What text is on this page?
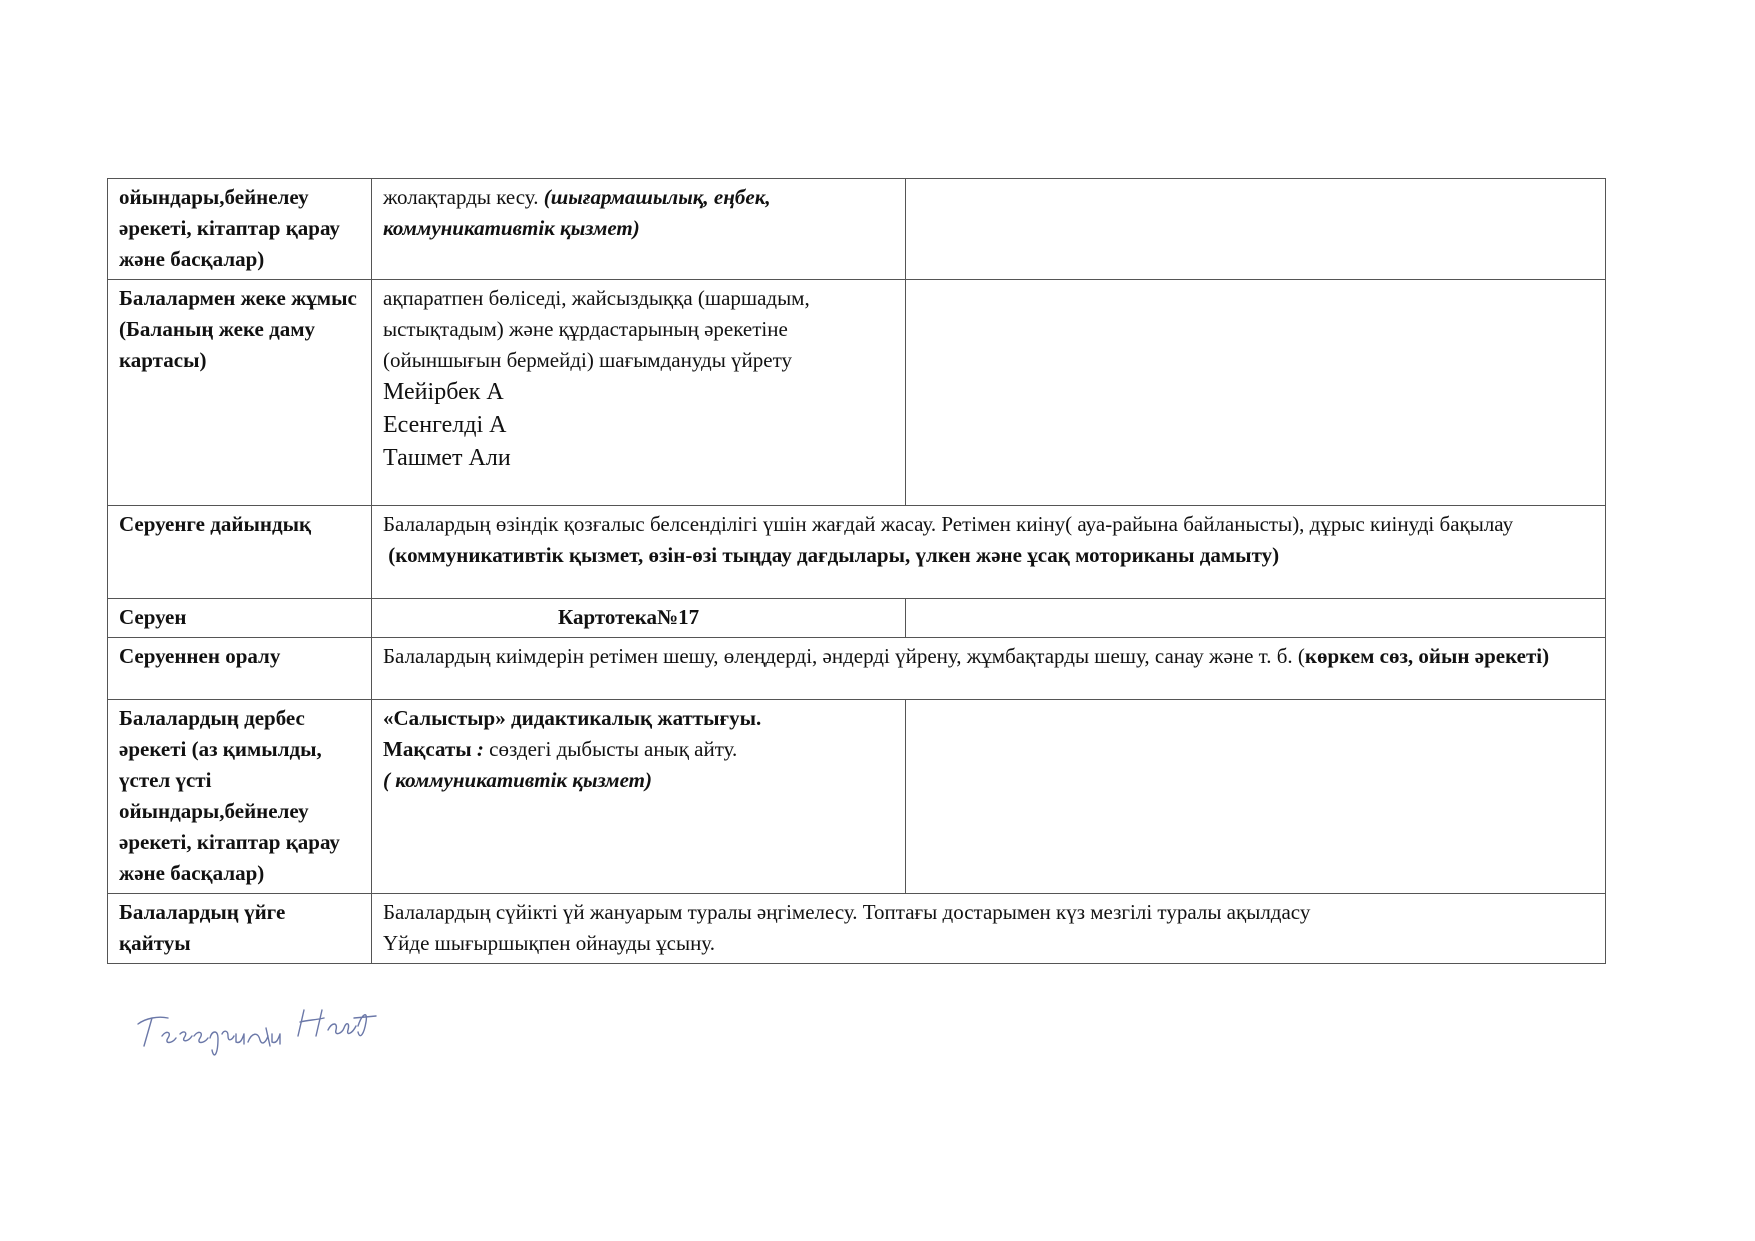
ойындары,бейнелеу әрекеті, кітаптар қарау және басқалар)	жолақтарды кесу. (шығармашылық, еңбек, коммуникативтік қызмет)	

Балалармен жеке жұмыс
(Баланың жеке даму картасы)	ақпаратпен бөліседі, жайсыздыққа (шаршадым, ыстықтадым) және құрдастарының әрекетіне (ойыншығын бермейді) шағымдануды үйрету
Мейірбек А
Есенгелді А
Ташмет Али	

Серуенге дайындық	Балалардың өзіндік қозғалыс белсенділігі үшін жағдай жасау. Ретімен киіну( ауа-райына байланысты), дұрыс киінуді бақылау
(коммуникативтік қызмет, өзін-өзі тыңдау дағдылары, үлкен және ұсақ моториканы дамыту)	
Серуен	Картотека№17	
Серуеннен оралу	Балалардың киімдерін ретімен шешу, өлеңдерді, әндерді үйрену, жұмбақтарды шешу, санау және т. б. (көркем сөз, ойын әрекеті)	
Балалардың дербес әрекеті (аз қимылды, үстел үсті ойындары,бейнелеу әрекеті, кітаптар қарау және басқалар)	«Салыстыр» дидактикалық жаттығуы.
Мақсаты : сөздегі дыбысты анық айту.
( коммуникативтік қызмет)	

Балалардың үйге қайтуы	Балалардың сүйікті үй жануарым туралы әңгімелесу. Топтағы достарымен күз мезгілі туралы ақылдасу
Үйде шығыршықпен ойнауды ұсыну.	
